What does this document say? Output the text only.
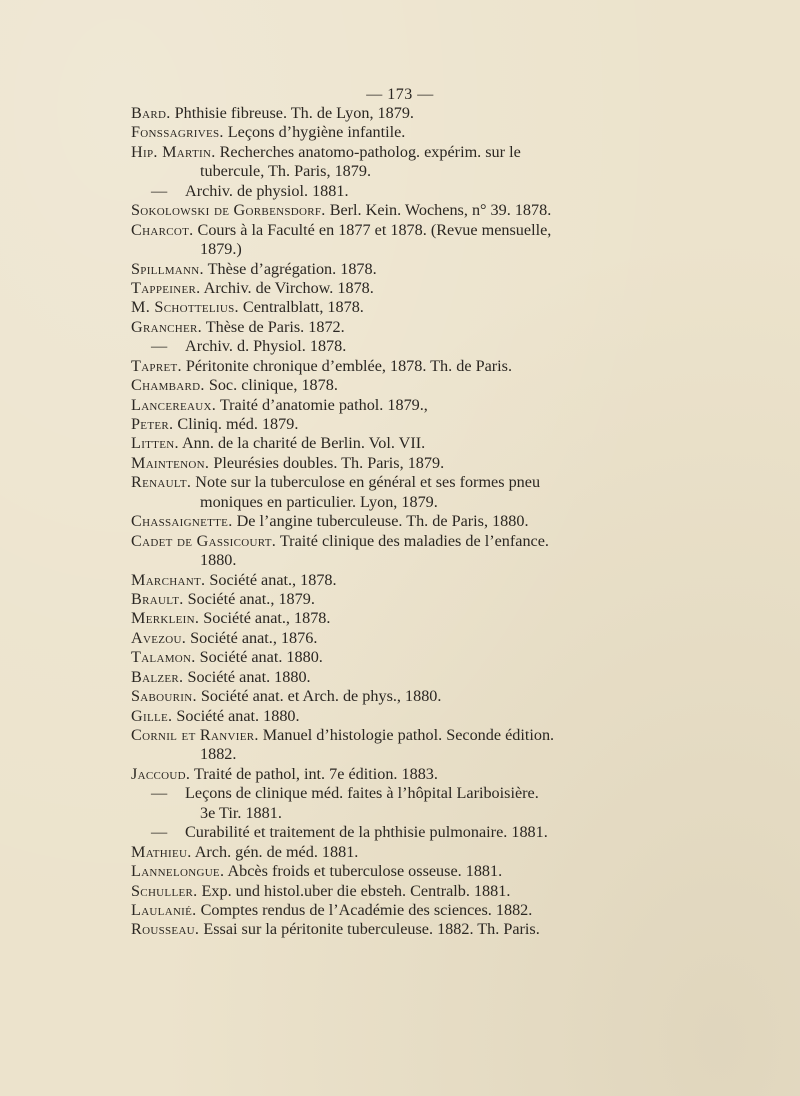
— 173 —
Bard. Phthisie fibreuse. Th. de Lyon, 1879.
Fonssagrives. Leçons d’hygiène infantile.
Hip. Martin. Recherches anatomo-patholog. expérim. sur le
tubercule, Th. Paris, 1879.
— Archiv. de physiol. 1881.
Sokolowski de Gorbensdorf. Berl. Kein. Wochens, n° 39. 1878.
Charcot. Cours à la Faculté en 1877 et 1878. (Revue mensuelle,
1879.)
Spillmann. Thèse d’agrégation. 1878.
Tappeiner. Archiv. de Virchow. 1878.
M. Schottelius. Centralblatt, 1878.
Grancher. Thèse de Paris. 1872.
— Archiv. d. Physiol. 1878.
Tapret. Péritonite chronique d’emblée, 1878. Th. de Paris.
Chambard. Soc. clinique, 1878.
Lancereaux. Traité d’anatomie pathol. 1879.,
Peter. Cliniq. méd. 1879.
Litten. Ann. de la charité de Berlin. Vol. VII.
Maintenon. Pleurésies doubles. Th. Paris, 1879.
Renault. Note sur la tuberculose en général et ses formes pneu
moniques en particulier. Lyon, 1879.
Chassaignette. De l’angine tuberculeuse. Th. de Paris, 1880.
Cadet de Gassicourt. Traité clinique des maladies de l’enfance.
1880.
Marchant. Société anat., 1878.
Brault. Société anat., 1879.
Merklein. Société anat., 1878.
Avezou. Société anat., 1876.
Talamon. Société anat. 1880.
Balzer. Société anat. 1880.
Sabourin. Société anat. et Arch. de phys., 1880.
Gille. Société anat. 1880.
Cornil et Ranvier. Manuel d’histologie pathol. Seconde édition.
1882.
Jaccoud. Traité de pathol, int. 7e édition. 1883.
— Leçons de clinique méd. faites à l’hôpital Lariboisière.
3e Tir. 1881.
— Curabilité et traitement de la phthisie pulmonaire. 1881.
Mathieu. Arch. gén. de méd. 1881.
Lannelongue. Abcès froids et tuberculose osseuse. 1881.
Schuller. Exp. und histol.uber die ebsteh. Centralb. 1881.
Laulanié. Comptes rendus de l’Académie des sciences. 1882.
Rousseau. Essai sur la péritonite tuberculeuse. 1882. Th. Paris.
